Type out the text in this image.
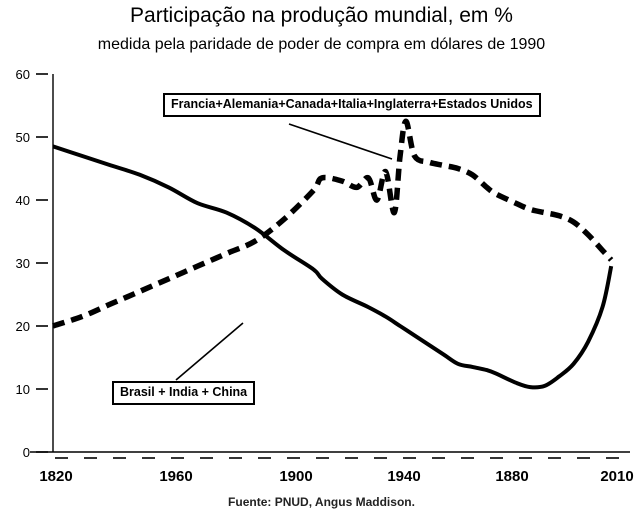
Participação na produção mundial, em %
medida pela paridade de poder de compra em dólares de 1990
60
50
40
30
20
10
0
1820	1960	1900	1940	1880	2010
Francia+Alemania+Canada+Italia+Inglaterra+Estados Unidos
Brasil + India + China
Fuente: PNUD, Angus Maddison.
